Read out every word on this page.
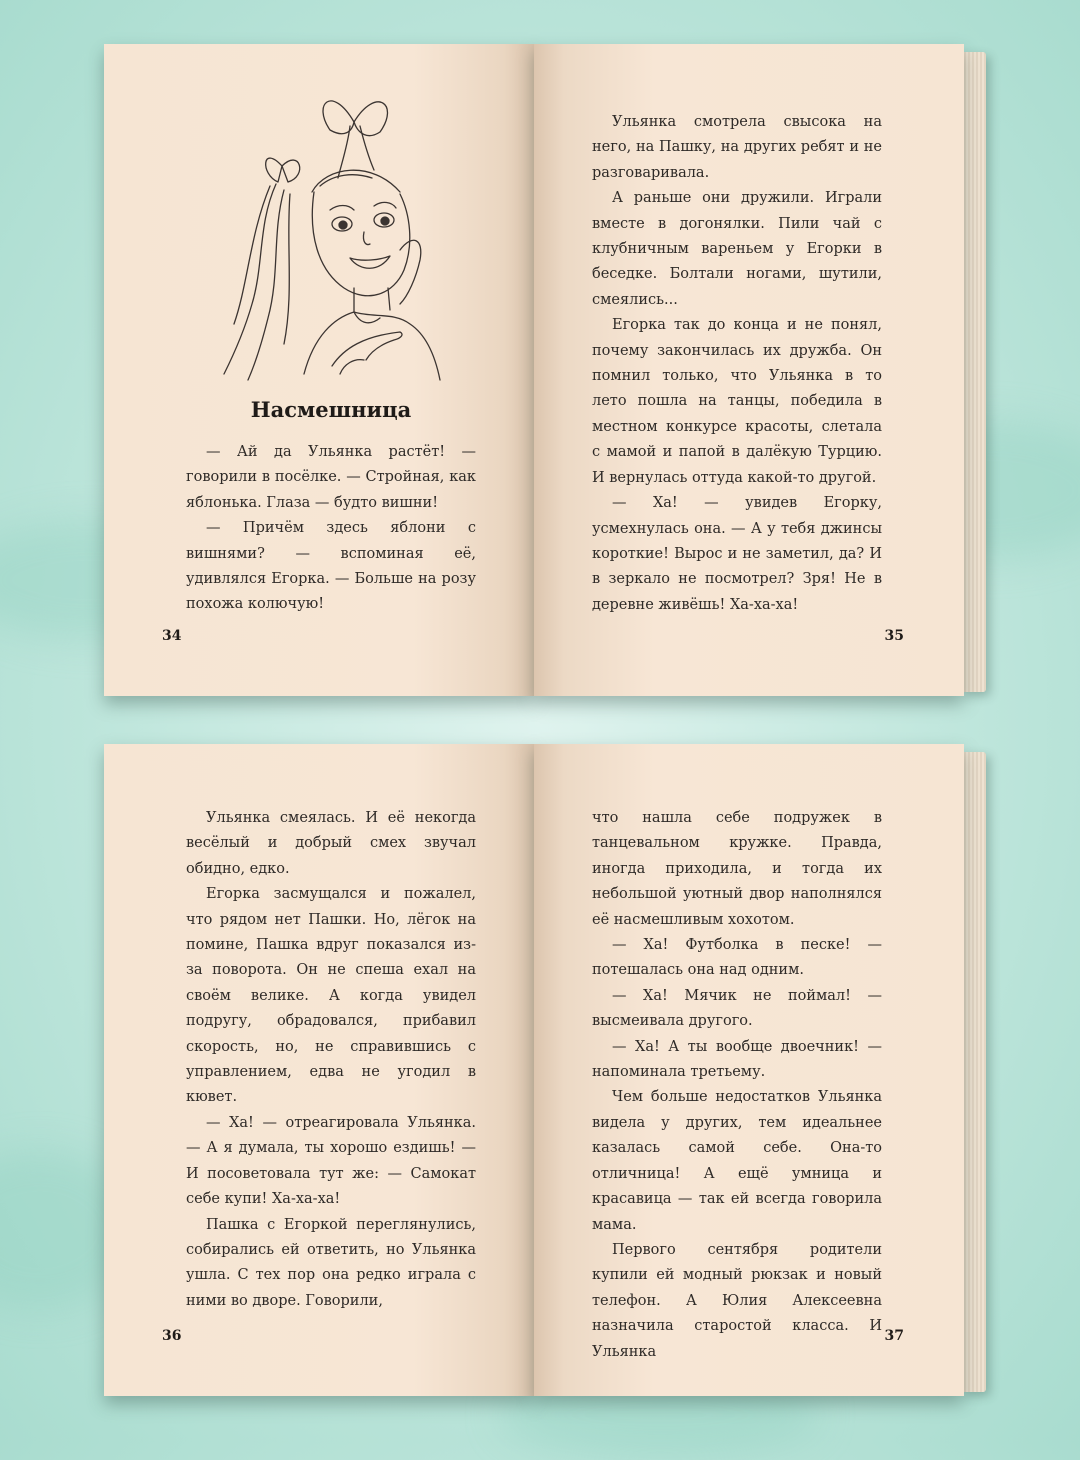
Насмешница

— Ай да Ульянка растёт! — говорили в посёлке. — Стройная, как яблонька. Глаза — будто вишни!

— Причём здесь яблони с вишнями? — вспоминая её, удивлялся Егорка. — Больше на розу похожа колючую!

34

Ульянка смотрела свысока на него, на Пашку, на других ребят и не разговаривала.

А раньше они дружили. Играли вместе в догонялки. Пили чай с клубничным вареньем у Егорки в беседке. Болтали ногами, шутили, смеялись...

Егорка так до конца и не понял, почему закончилась их дружба. Он помнил только, что Ульянка в то лето пошла на танцы, победила в местном конкурсе красоты, слетала с мамой и папой в далёкую Турцию. И вернулась оттуда какой-то другой.

— Ха! — увидев Егорку, усмехнулась она. — А у тебя джинсы короткие! Вырос и не заметил, да? И в зеркало не посмотрел? Зря! Не в деревне живёшь! Ха-ха-ха!

35

Ульянка смеялась. И её некогда весёлый и добрый смех звучал обидно, едко.

Егорка засмущался и пожалел, что рядом нет Пашки. Но, лёгок на помине, Пашка вдруг показался из-за поворота. Он не спеша ехал на своём велике. А когда увидел подругу, обрадовался, прибавил скорость, но, не справившись с управлением, едва не угодил в кювет.

— Ха! — отреагировала Ульянка. — А я думала, ты хорошо ездишь! — И посоветовала тут же: — Самокат себе купи! Ха-ха-ха!

Пашка с Егоркой переглянулись, собирались ей ответить, но Ульянка ушла. С тех пор она редко играла с ними во дворе. Говорили,

36

что нашла себе подружек в танцевальном кружке. Правда, иногда приходила, и тогда их небольшой уютный двор наполнялся её насмешливым хохотом.

— Ха! Футболка в песке! — потешалась она над одним.

— Ха! Мячик не поймал! — высмеивала другого.

— Ха! А ты вообще двоечник! — напоминала третьему.

Чем больше недостатков Ульянка видела у других, тем идеальнее казалась самой себе. Она-то отличница! А ещё умница и красавица — так ей всегда говорила мама.

Первого сентября родители купили ей модный рюкзак и новый телефон. А Юлия Алексеевна назначила старостой класса. И Ульянка

37
